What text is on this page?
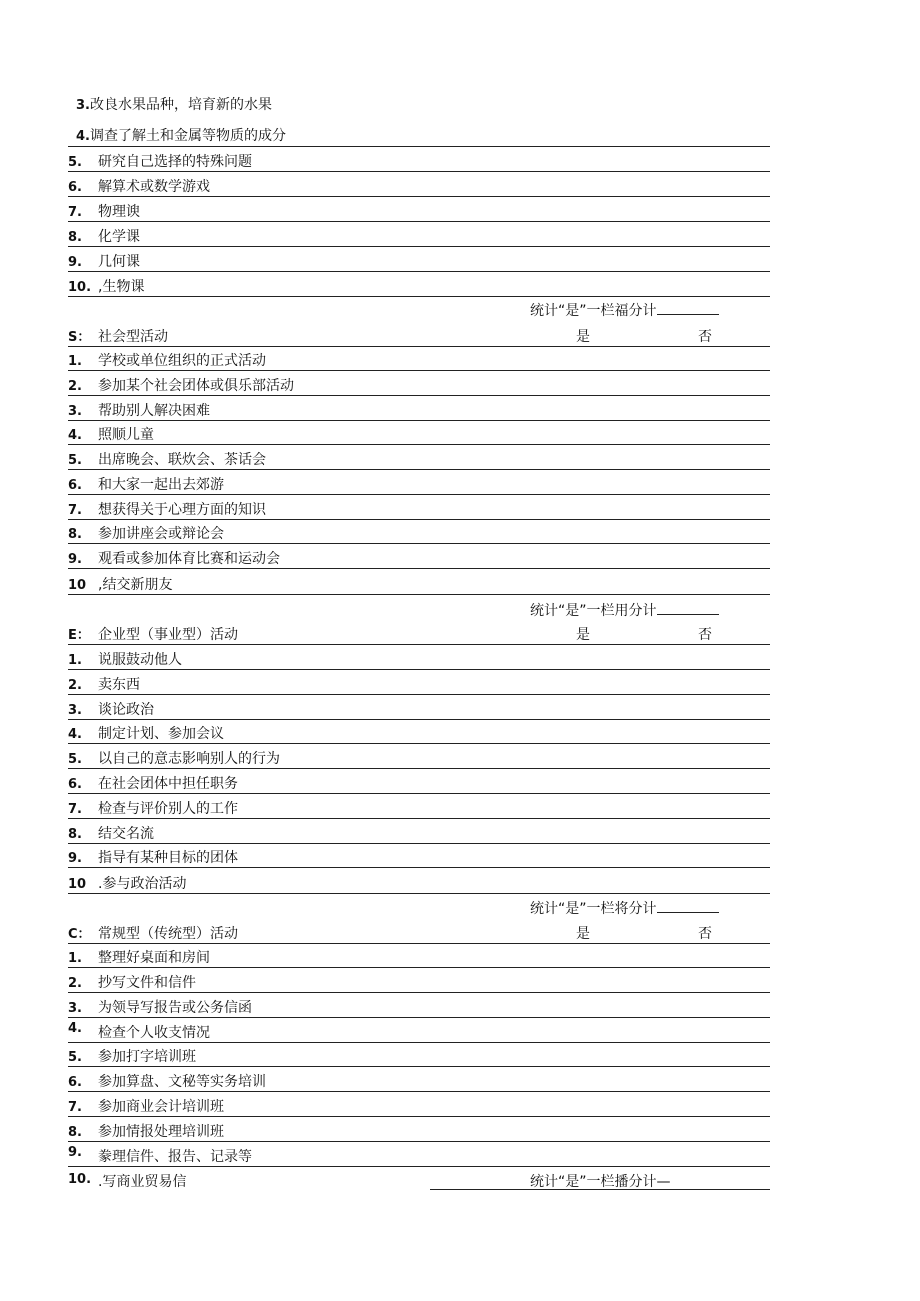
3.改良水果品种，培育新的水果
4.调查了解土和金属等物质的成分
5. 研究自己选择的特殊问题
6. 解算术或数学游戏
7. 物理谀
8. 化学课
9. 几何课
10. ,生物课
统计“是”一栏福分计
S： 社会型活动	是	否
1. 学校或单位组织的正式活动
2. 参加某个社会团体或俱乐部活动
3. 帮助别人解决困难
4. 照顺儿童
5. 出席晚会、联炊会、茶话会
6. 和大家一起出去郊游
7. 想获得关于心理方面的知识
8. 参加讲座会或辩论会
9. 观看或参加体育比赛和运动会
10 ,结交新朋友
统计“是”一栏用分计
E： 企业型（事业型）活动	是	否
1. 说服鼓动他人
2. 卖东西
3. 谈论政治
4. 制定计划、参加会议
5. 以自己的意志影响别人的行为
6. 在社会团体中担任职务
7. 检查与评价别人的工作
8. 结交名流
9. 指导有某种目标的团体
10 .参与政治活动
统计“是”一栏将分计
C： 常规型（传统型）活动	是	否
1. 整理好桌面和房间
2. 抄写文件和信件
3. 为领导写报告或公务信函
4. 检查个人收支情况
5. 参加打字培训班
6. 参加算盘、文秘等实务培训
7. 参加商业会计培训班
8. 参加情报处理培训班
9. 豢理信件、报告、记录等
10. .写商业贸易信	统计“是”一栏播分计—
